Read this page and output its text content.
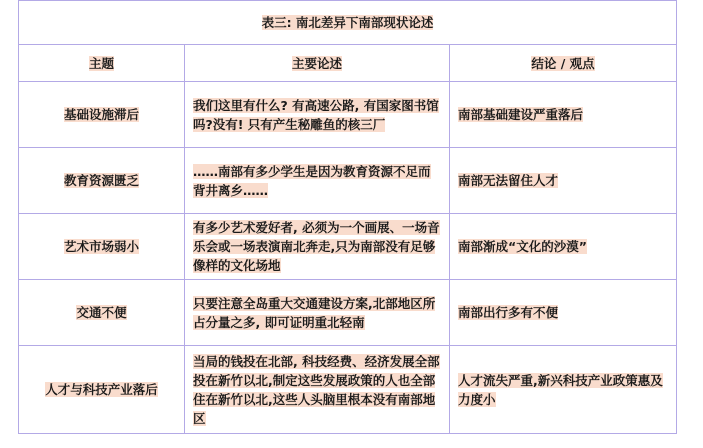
表三: 南北差异下南部现状论述		
主题	主要论述	结论 / 观点
基础设施滞后	我们这里有什么? 有高速公路, 有国家图书馆吗?没有! 只有产生秘雕鱼的核三厂	南部基础建设严重落后
教育资源匮乏	……南部有多少学生是因为教育资源不足而背井离乡……	南部无法留住人才
艺术市场弱小	有多少艺术爱好者, 必须为一个画展、一场音乐会或一场表演南北奔走,只为南部没有足够像样的文化场地	南部渐成“文化的沙漠”
交通不便	只要注意全岛重大交通建设方案,北部地区所占分量之多, 即可证明重北轻南	南部出行多有不便
人才与科技产业落后	当局的钱投在北部, 科技经费、经济发展全部投在新竹以北,制定这些发展政策的人也全部住在新竹以北,这些人头脑里根本没有南部地区	人才流失严重,新兴科技产业政策惠及力度小
